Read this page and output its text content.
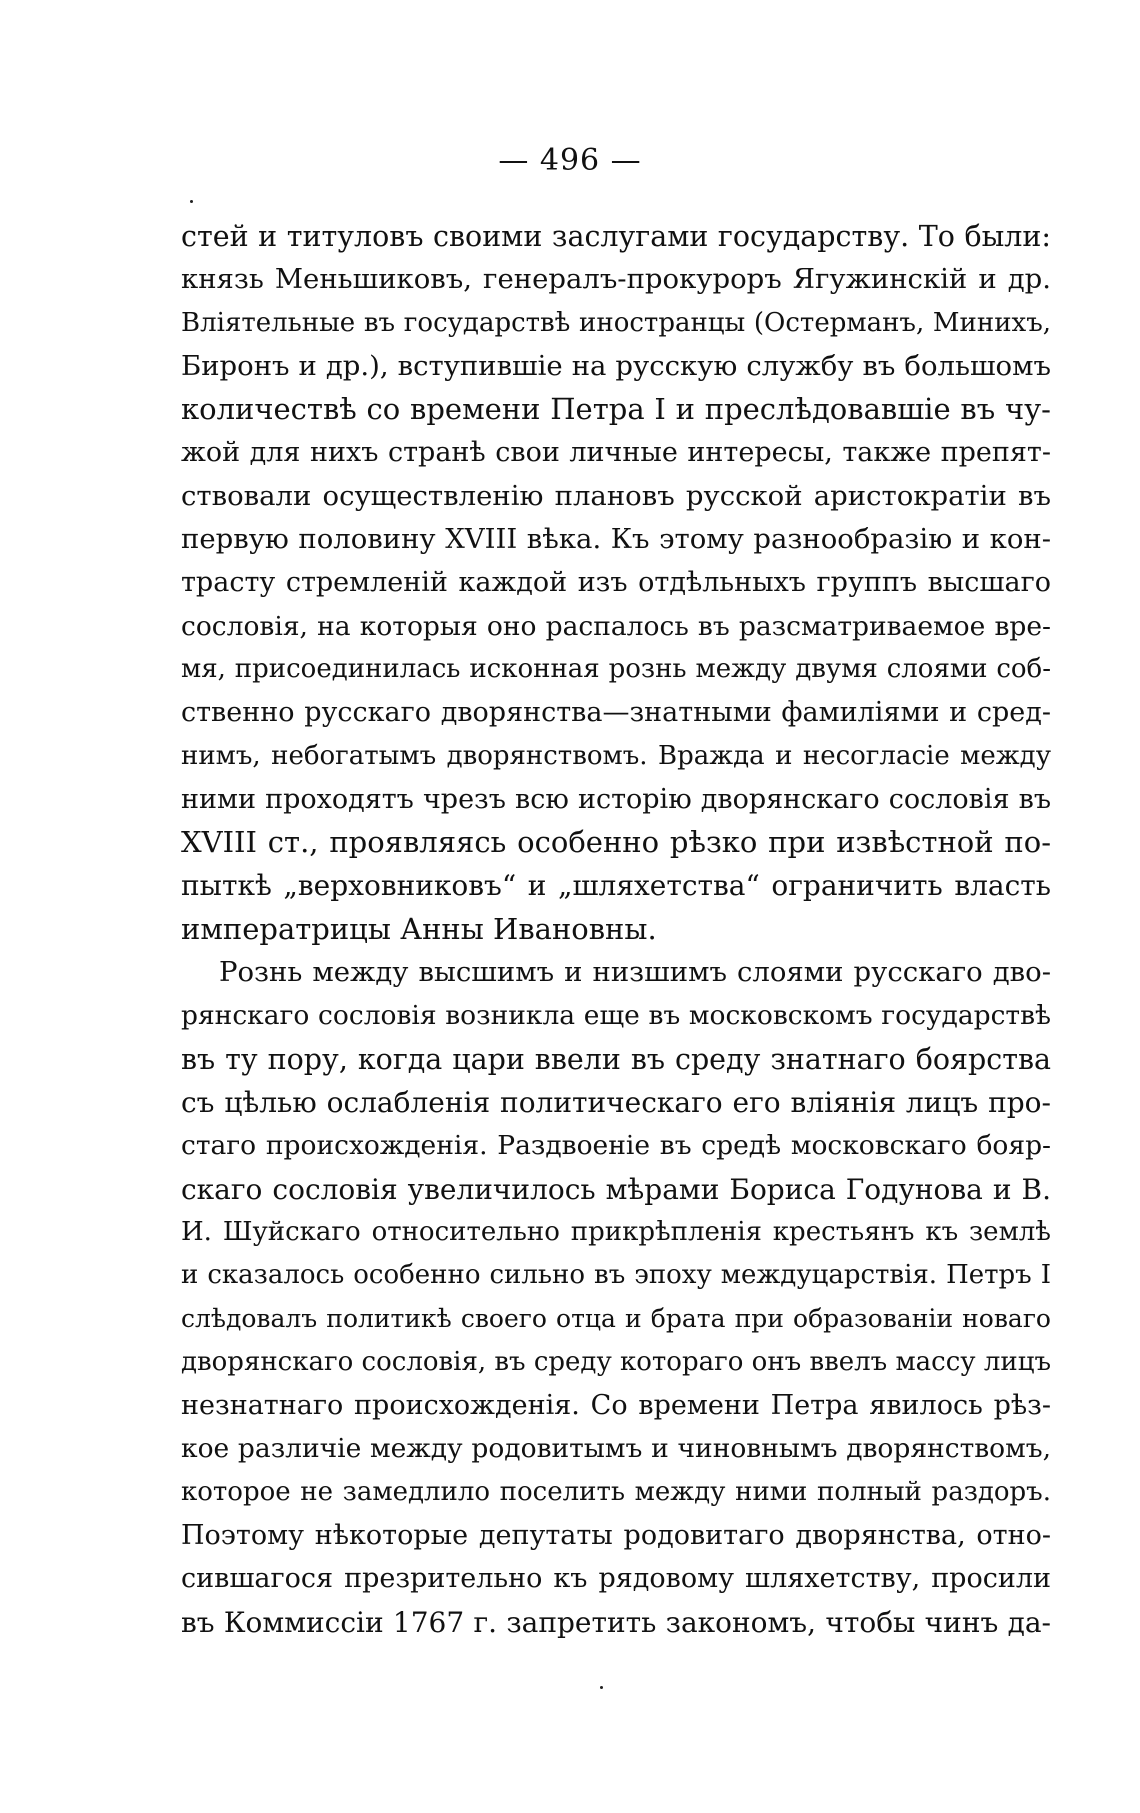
— 496 —

стей и титуловъ своими заслугами государству. То были:
князь Меньшиковъ, генералъ-прокуроръ Ягужинскій и др.
Влiятельные въ государствѣ иностранцы (Остерманъ, Минихъ,
Биронъ и др.), вступившіе на русскую службу въ большомъ
количествѣ со времени Петра I и преслѣдовавшіе въ чу-
жой для нихъ странѣ свои личные интересы, также препят-
ствовали осуществленію плановъ русской аристократіи въ
первую половину XVIII вѣка. Къ этому разнообразію и кон-
трасту стремленій каждой изъ отдѣльныхъ группъ высшаго
сословія, на которыя оно распалось въ разсматриваемое вре-
мя, присоединилась исконная рознь между двумя слоями соб-
ственно русскаго дворянства—знатными фамиліями и сред-
нимъ, небогатымъ дворянствомъ. Вражда и несогласіе между
ними проходятъ чрезъ всю исторію дворянскаго сословія въ
XVIII ст., проявляясь особенно рѣзко при извѣстной по-
пыткѣ „верховниковъ“ и „шляхетства“ ограничить власть
императрицы Анны Ивановны.
Рознь между высшимъ и низшимъ слоями русскаго дво-
рянскаго сословія возникла еще въ московскомъ государствѣ
въ ту пору, когда цари ввели въ среду знатнаго боярства
съ цѣлью ослабленія политическаго его вліянія лицъ про-
стаго происхожденія. Раздвоеніе въ средѣ московскаго бояр-
скаго сословія увеличилось мѣрами Бориса Годунова и В.
И. Шуйскаго относительно прикрѣпленія крестьянъ къ землѣ
и сказалось особенно сильно въ эпоху междуцарствія. Петръ I
слѣдовалъ политикѣ своего отца и брата при образованіи новаго
дворянскаго сословія, въ среду котораго онъ ввелъ массу лицъ
незнатнаго происхожденія. Со времени Петра явилось рѣз-
кое различіе между родовитымъ и чиновнымъ дворянствомъ,
которое не замедлило поселить между ними полный раздоръ.
Поэтому нѣкоторые депутаты родовитаго дворянства, отно-
сившагося презрительно къ рядовому шляхетству, просили
въ Коммиссіи 1767 г. запретить закономъ, чтобы чинъ да-
